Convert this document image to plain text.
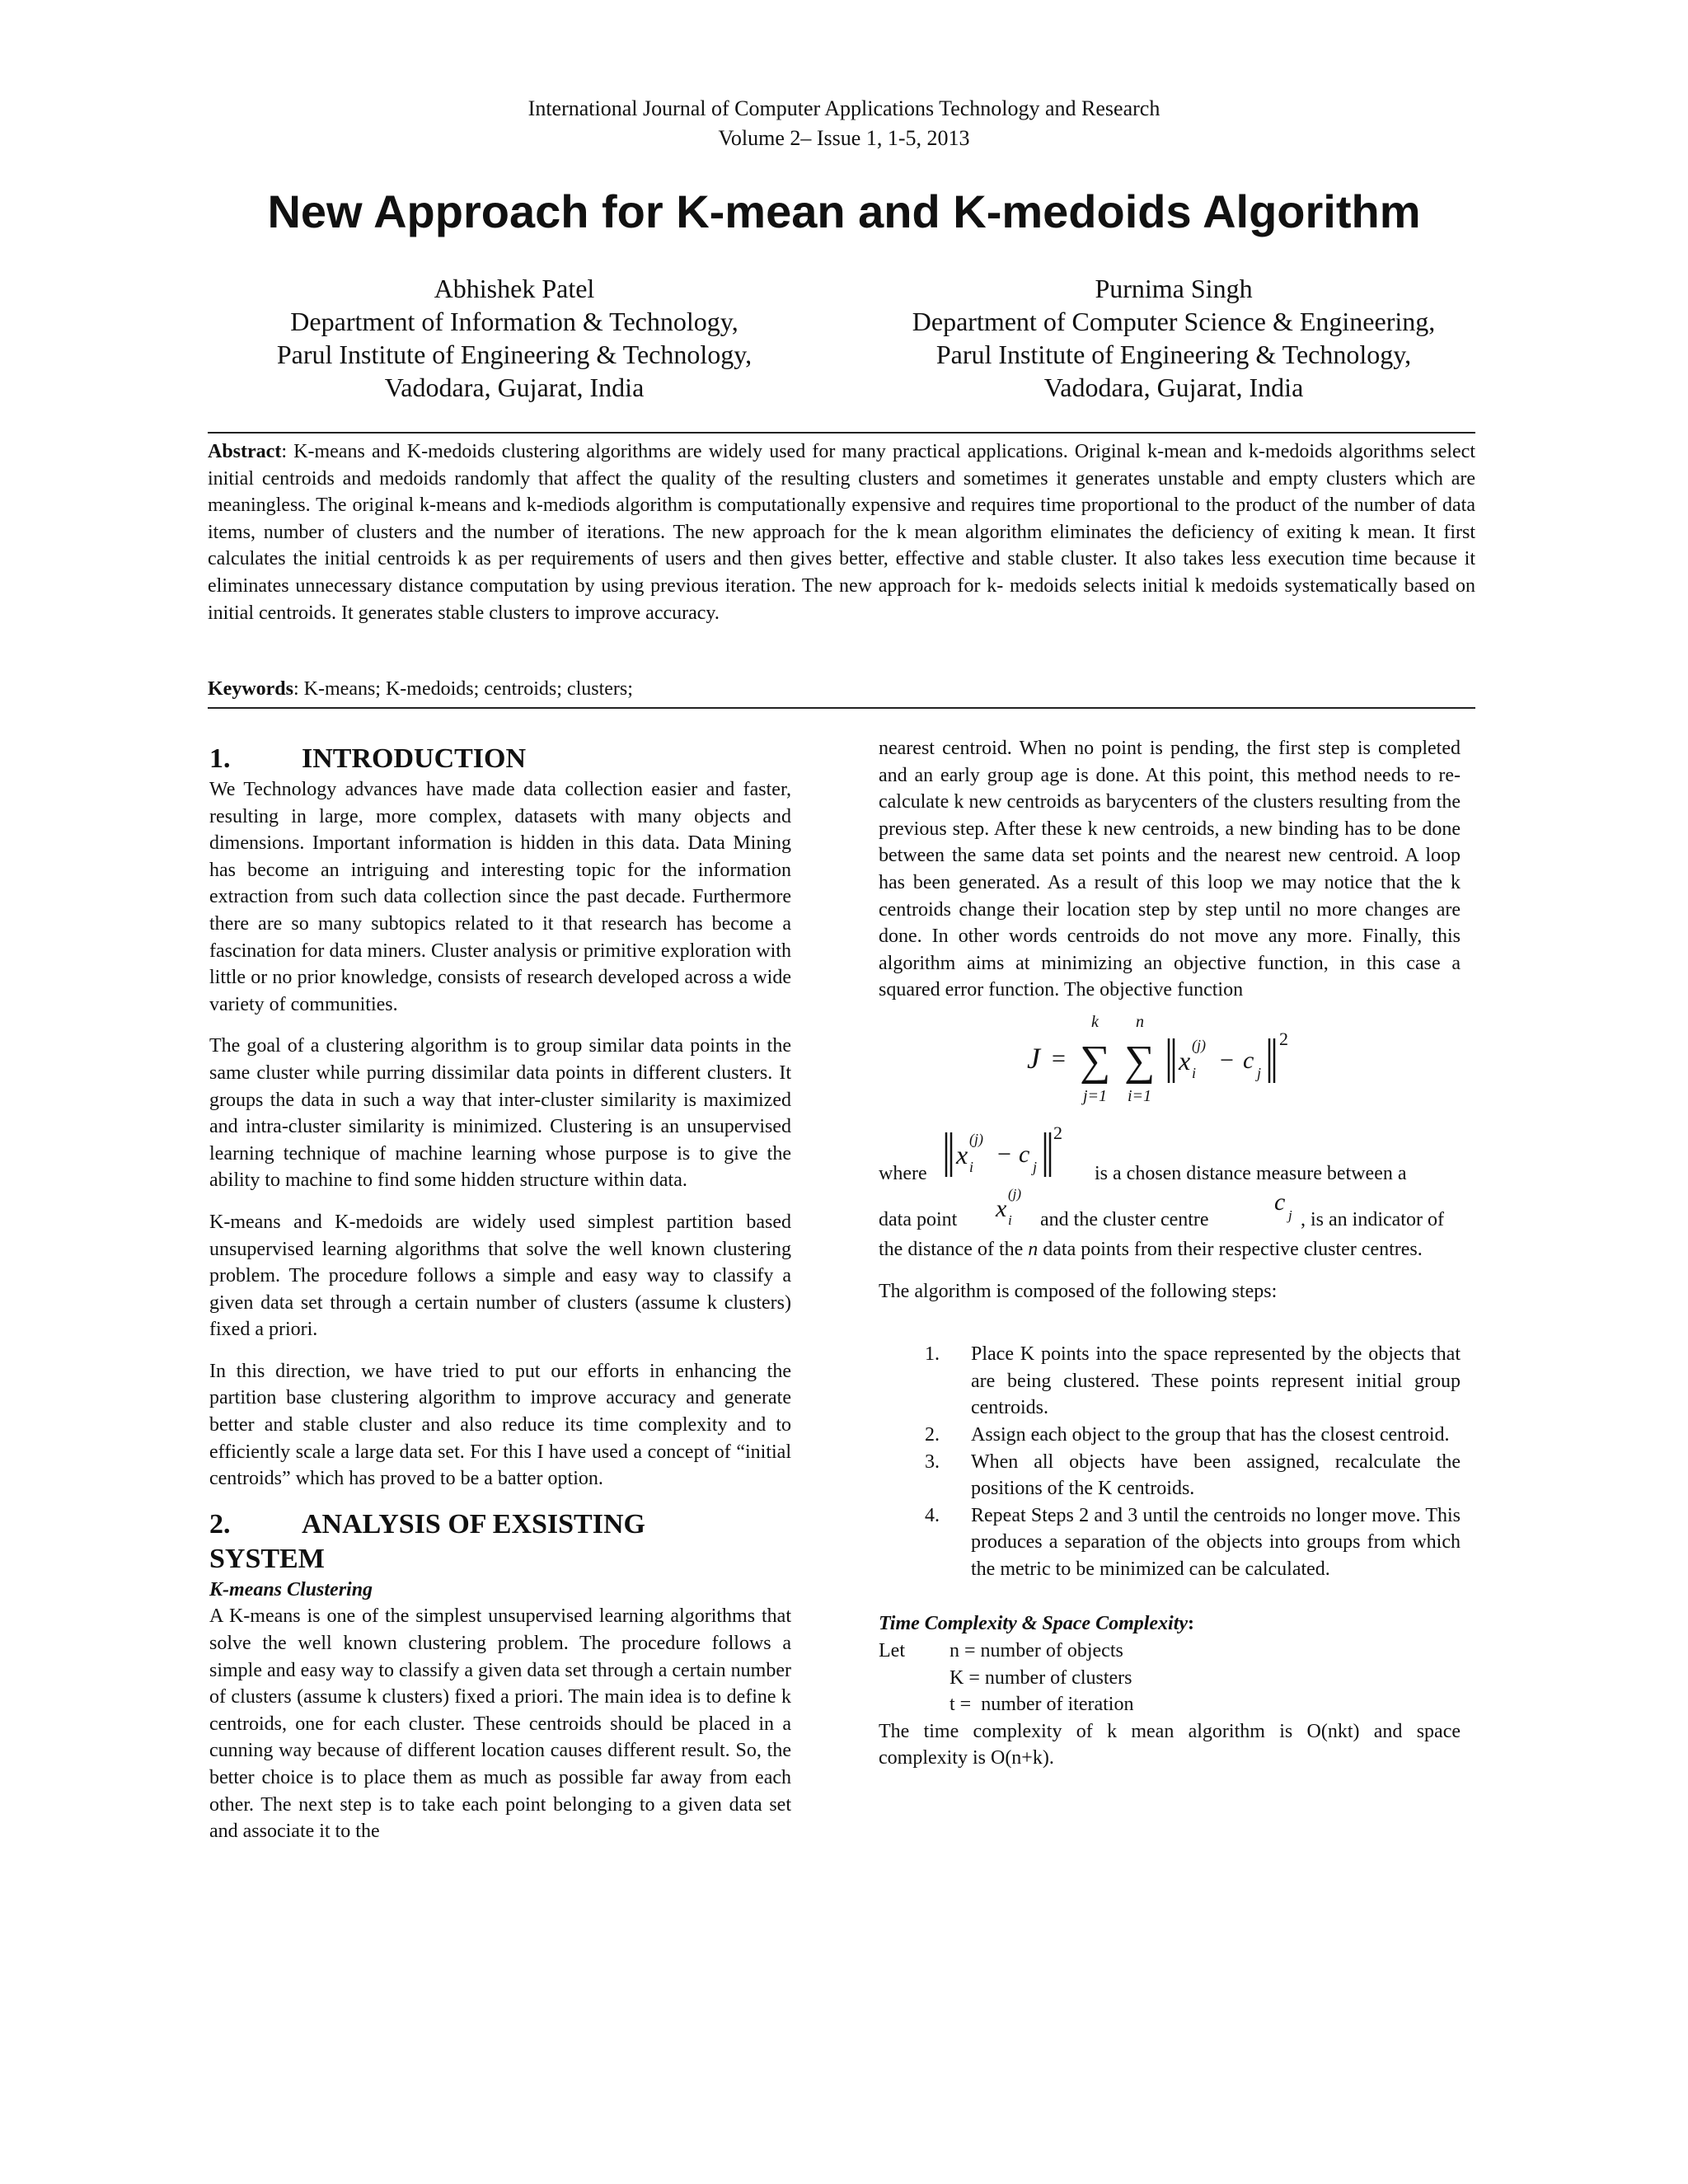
International Journal of Computer Applications Technology and Research
Volume 2– Issue 1, 1-5, 2013
New Approach for K-mean and K-medoids Algorithm
Abhishek Patel
Department of Information & Technology,
Parul Institute of Engineering & Technology,
Vadodara, Gujarat, India
Purnima Singh
Department of Computer Science & Engineering,
Parul Institute of Engineering & Technology,
Vadodara, Gujarat, India
Abstract: K-means and K-medoids clustering algorithms are widely used for many practical applications. Original k-mean and k-medoids algorithms select initial centroids and medoids randomly that affect the quality of the resulting clusters and sometimes it generates unstable and empty clusters which are meaningless. The original k-means and k-mediods algorithm is computationally expensive and requires time proportional to the product of the number of data items, number of clusters and the number of iterations. The new approach for the k mean algorithm eliminates the deficiency of exiting k mean. It first calculates the initial centroids k as per requirements of users and then gives better, effective and stable cluster. It also takes less execution time because it eliminates unnecessary distance computation by using previous iteration. The new approach for k- medoids selects initial k medoids systematically based on initial centroids. It generates stable clusters to improve accuracy.
Keywords: K-means; K-medoids; centroids; clusters;
1.	INTRODUCTION

We Technology advances have made data collection easier and faster, resulting in large, more complex, datasets with many objects and dimensions. Important information is hidden in this data. Data Mining has become an intriguing and interesting topic for the information extraction from such data collection since the past decade. Furthermore there are so many subtopics related to it that research has become a fascination for data miners. Cluster analysis or primitive exploration with little or no prior knowledge, consists of research developed across a wide variety of communities.

The goal of a clustering algorithm is to group similar data points in the same cluster while purring dissimilar data points in different clusters. It groups the data in such a way that inter-cluster similarity is maximized and intra-cluster similarity is minimized. Clustering is an unsupervised learning technique of machine learning whose purpose is to give the ability to machine to find some hidden structure within data.

K-means and K-medoids are widely used simplest partition based unsupervised learning algorithms that solve the well known clustering problem. The procedure follows a simple and easy way to classify a given data set through a certain number of clusters (assume k clusters) fixed a priori.

In this direction, we have tried to put our efforts in enhancing the partition base clustering algorithm to improve accuracy and generate better and stable cluster and also reduce its time complexity and to efficiently scale a large data set. For this I have used a concept of “initial centroids” which has proved to be a batter option.

2.	ANALYSIS OF EXSISTING
SYSTEM

K-means Clustering

A K-means is one of the simplest unsupervised learning algorithms that solve the well known clustering problem. The procedure follows a simple and easy way to classify a given data set through a certain number of clusters (assume k clusters) fixed a priori. The main idea is to define k centroids, one for each cluster. These centroids should be placed in a cunning way because of different location causes different result. So, the better choice is to place them as much as possible far away from each other. The next step is to take each point belonging to a given data set and associate it to the

nearest centroid. When no point is pending, the first step is completed and an early group age is done. At this point, this method needs to re-calculate k new centroids as barycenters of the clusters resulting from the previous step. After these k new centroids, a new binding has to be done between the same data set points and the nearest new centroid. A loop has been generated. As a result of this loop we may notice that the k centroids change their location step by step until no more changes are done. In other words centroids do not move any more. Finally, this algorithm aims at minimizing an objective function, in this case a squared error function. The objective function

J = ∑
k
j=1
∑
n
i=1
x
(j)
i − c j
2
where
x
(j)
i − c j
2
is a chosen distance measure between a
data point x
(j)
i and the cluster centre
c j , is an indicator of

the distance of the n data points from their respective cluster centres.

The algorithm is composed of the following steps:

1. Place K points into the space represented by the objects that are being clustered. These points represent initial group centroids.
2. Assign each object to the group that has the closest centroid.
3. When all objects have been assigned, recalculate the positions of the K centroids.
4. Repeat Steps 2 and 3 until the centroids no longer move. This produces a separation of the objects into groups from which the metric to be minimized can be calculated.

Time Complexity & Space Complexity:

Let n = number of objects
K = number of clusters
t =  number of iteration

The time complexity of k mean algorithm is O(nkt) and space complexity is O(n+k).
